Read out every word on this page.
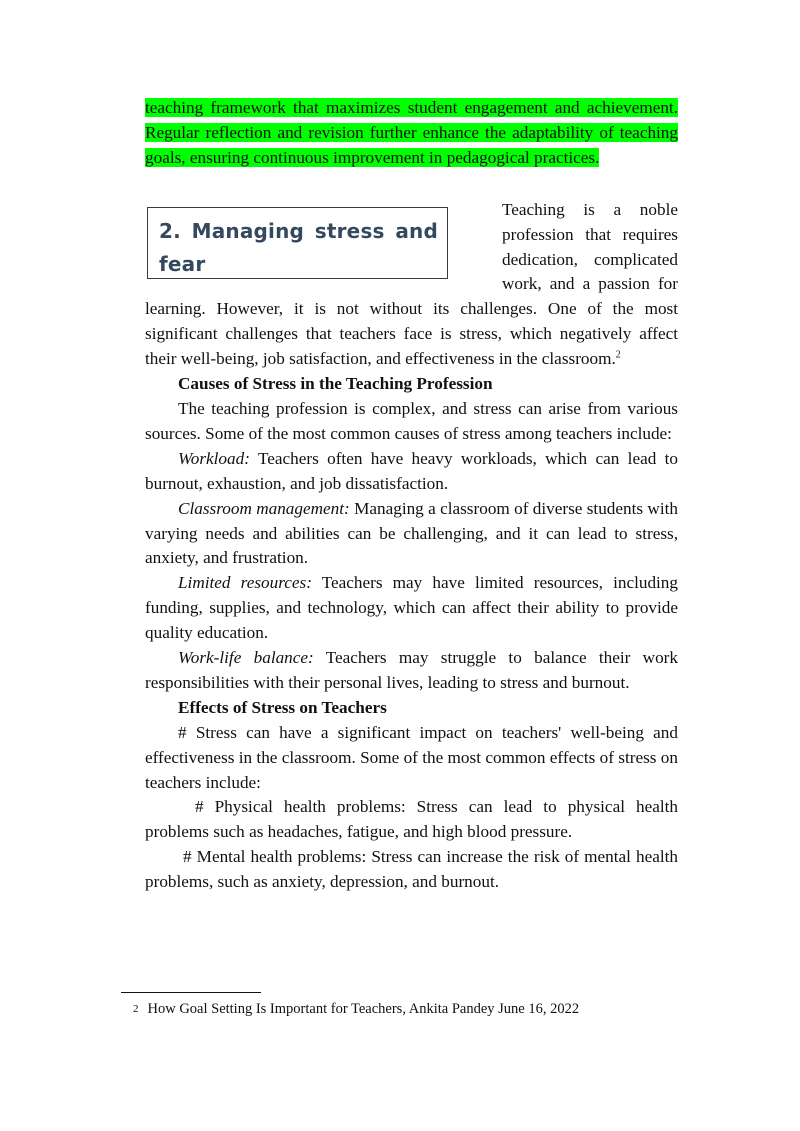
teaching framework that maximizes student engagement and achievement. Regular reflection and revision further enhance the adaptability of teaching goals, ensuring continuous improvement in pedagogical practices.

2. Managing stress and fear

Teaching is a noble profession that requires dedication, complicated work, and a passion for learning. However, it is not without its challenges. One of the most significant challenges that teachers face is stress, which negatively affect their well-being, job satisfaction, and effectiveness in the classroom.$^2$

Causes of Stress in the Teaching Profession

The teaching profession is complex, and stress can arise from various sources. Some of the most common causes of stress among teachers include:

Workload: Teachers often have heavy workloads, which can lead to burnout, exhaustion, and job dissatisfaction.

Classroom management: Managing a classroom of diverse students with varying needs and abilities can be challenging, and it can lead to stress, anxiety, and frustration.

Limited resources: Teachers may have limited resources, including funding, supplies, and technology, which can affect their ability to provide quality education.

Work-life balance: Teachers may struggle to balance their work responsibilities with their personal lives, leading to stress and burnout.

Effects of Stress on Teachers

# Stress can have a significant impact on teachers' well-being and effectiveness in the classroom. Some of the most common effects of stress on teachers include:

# Physical health problems: Stress can lead to physical health problems such as headaches, fatigue, and high blood pressure.

# Mental health problems: Stress can increase the risk of mental health problems, such as anxiety, depression, and burnout.

$^2$ How Goal Setting Is Important for Teachers, Ankita Pandey June 16, 2022
